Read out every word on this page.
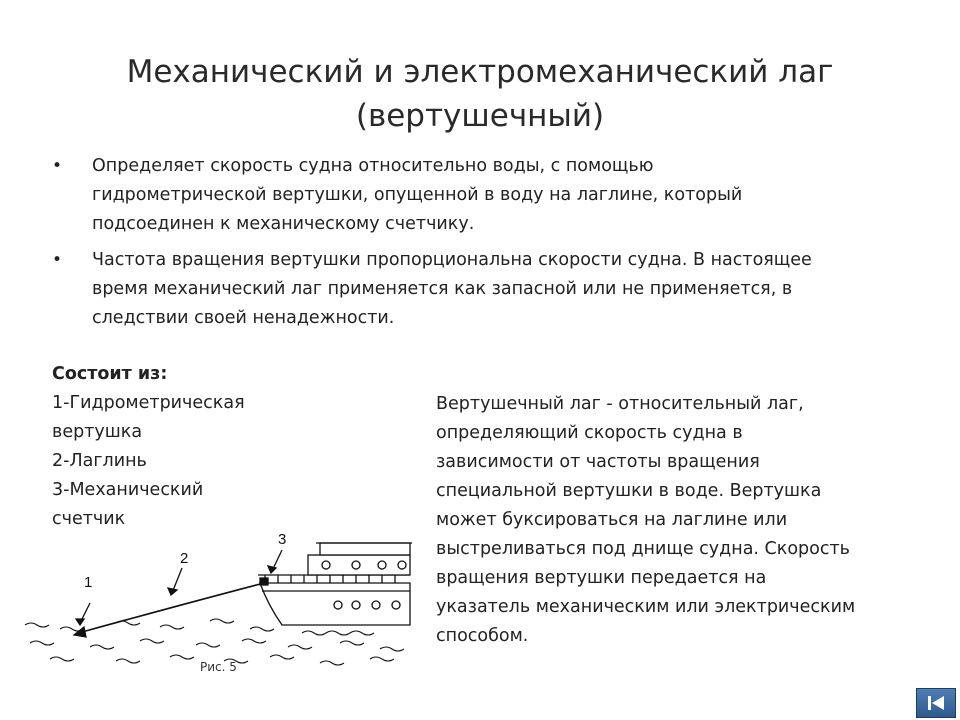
Механический и электромеханический лаг
(вертушечный)
• Определяет скорость судна относительно воды, с помощью
гидрометрической вертушки, опущенной в воду на лаглине, который
подсоединен к механическому счетчику.
• Частота вращения вертушки пропорциональна скорости судна. В настоящее
время механический лаг применяется как запасной или не применяется, в
следствии своей ненадежности.
Состоит из:
1-Гидрометрическая
вертушка
2-Лаглинь
3-Механический
счетчик
Вертушечный лаг - относительный лаг,
определяющий скорость судна в
зависимости от частоты вращения
специальной вертушки в воде. Вертушка
может буксироваться на лаглине или
выстреливаться под днище судна. Скорость
вращения вертушки передается на
указатель механическим или электрическим
способом.
1
2
3
Рис. 5
